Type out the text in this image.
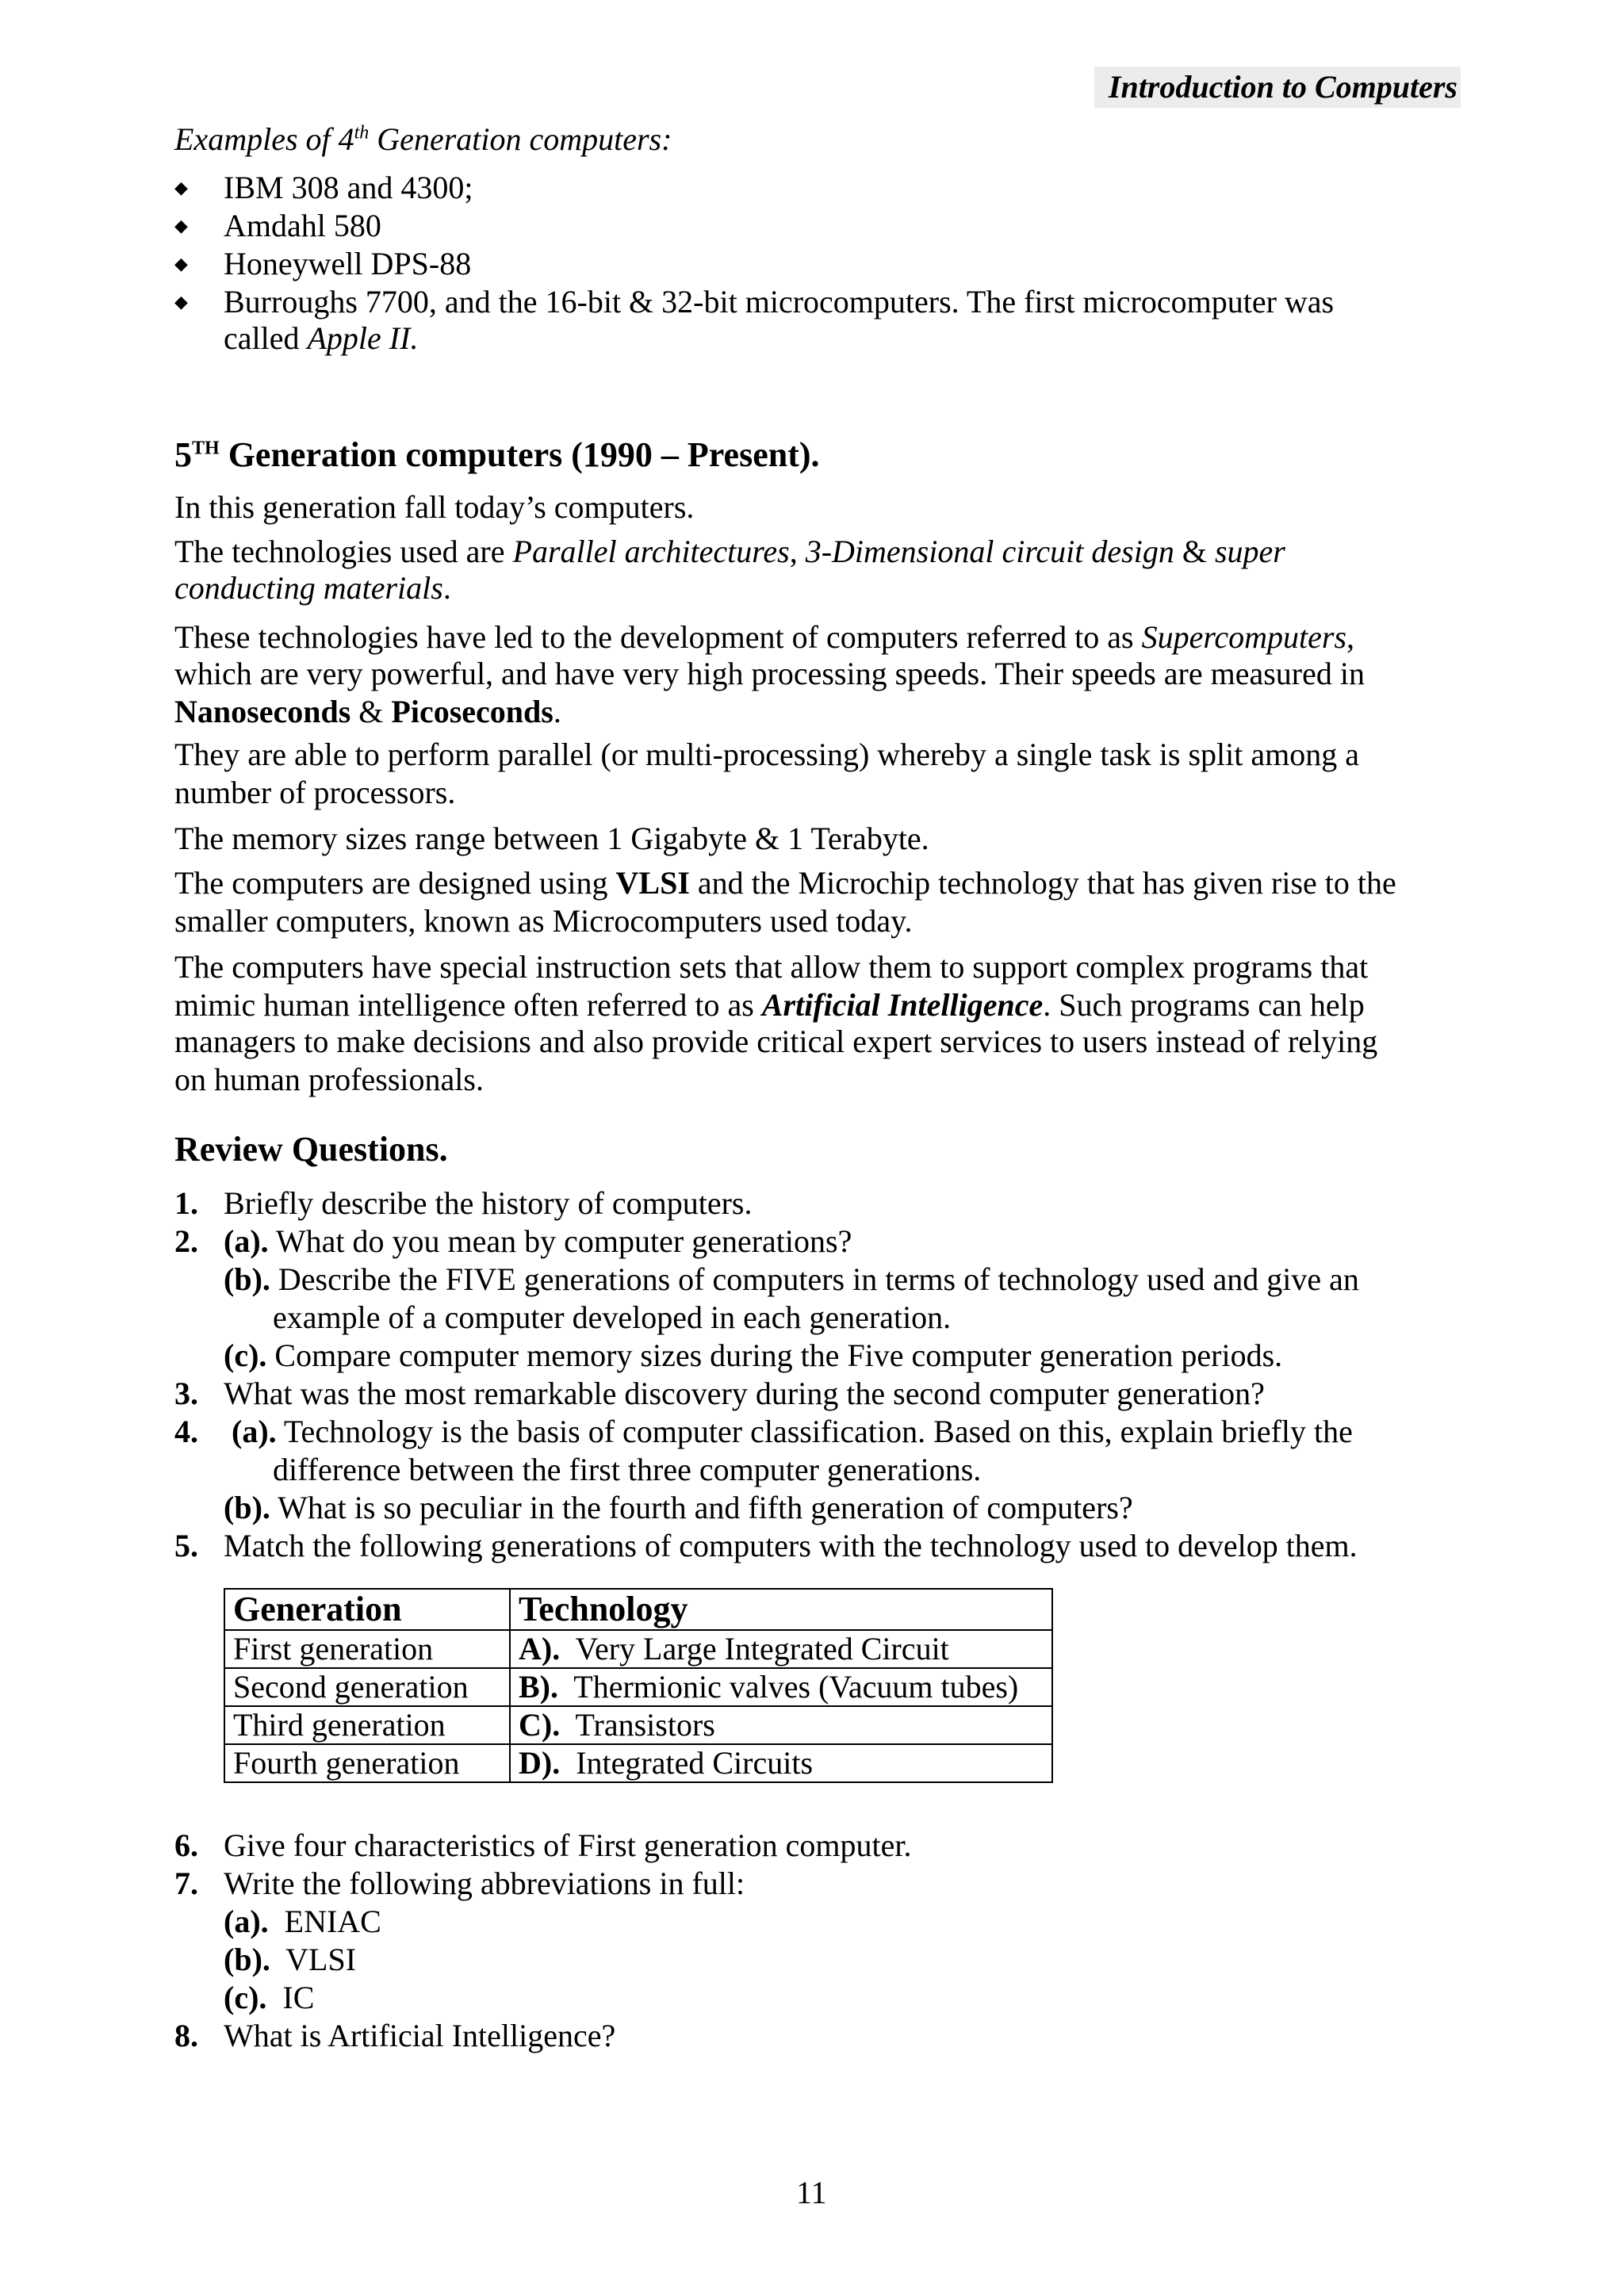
Introduction to Computers
Examples of 4th Generation computers:
◆ IBM 308 and 4300;
◆ Amdahl 580
◆ Honeywell DPS-88
◆ Burroughs 7700, and the 16-bit & 32-bit microcomputers. The first microcomputer was
called Apple II.
5TH Generation computers (1990 – Present).
In this generation fall today’s computers.
The technologies used are Parallel architectures, 3-Dimensional circuit design & super
conducting materials.
These technologies have led to the development of computers referred to as Supercomputers,
which are very powerful, and have very high processing speeds. Their speeds are measured in
Nanoseconds & Picoseconds.
They are able to perform parallel (or multi-processing) whereby a single task is split among a
number of processors.
The memory sizes range between 1 Gigabyte & 1 Terabyte.
The computers are designed using VLSI and the Microchip technology that has given rise to the
smaller computers, known as Microcomputers used today.
The computers have special instruction sets that allow them to support complex programs that
mimic human intelligence often referred to as Artificial Intelligence. Such programs can help
managers to make decisions and also provide critical expert services to users instead of relying
on human professionals.
Review Questions.
1. Briefly describe the history of computers.
2. (a). What do you mean by computer generations?
(b). Describe the FIVE generations of computers in terms of technology used and give an
example of a computer developed in each generation.
(c). Compare computer memory sizes during the Five computer generation periods.
3. What was the most remarkable discovery during the second computer generation?
4. (a). Technology is the basis of computer classification. Based on this, explain briefly the
difference between the first three computer generations.
(b). What is so peculiar in the fourth and fifth generation of computers?
5. Match the following generations of computers with the technology used to develop them.
Generation	Technology
First generation	A). Very Large Integrated Circuit
Second generation	B). Thermionic valves (Vacuum tubes)
Third generation	C). Transistors
Fourth generation	D). Integrated Circuits
6. Give four characteristics of First generation computer.
7. Write the following abbreviations in full:
(a). ENIAC
(b). VLSI
(c). IC
8. What is Artificial Intelligence?
11
